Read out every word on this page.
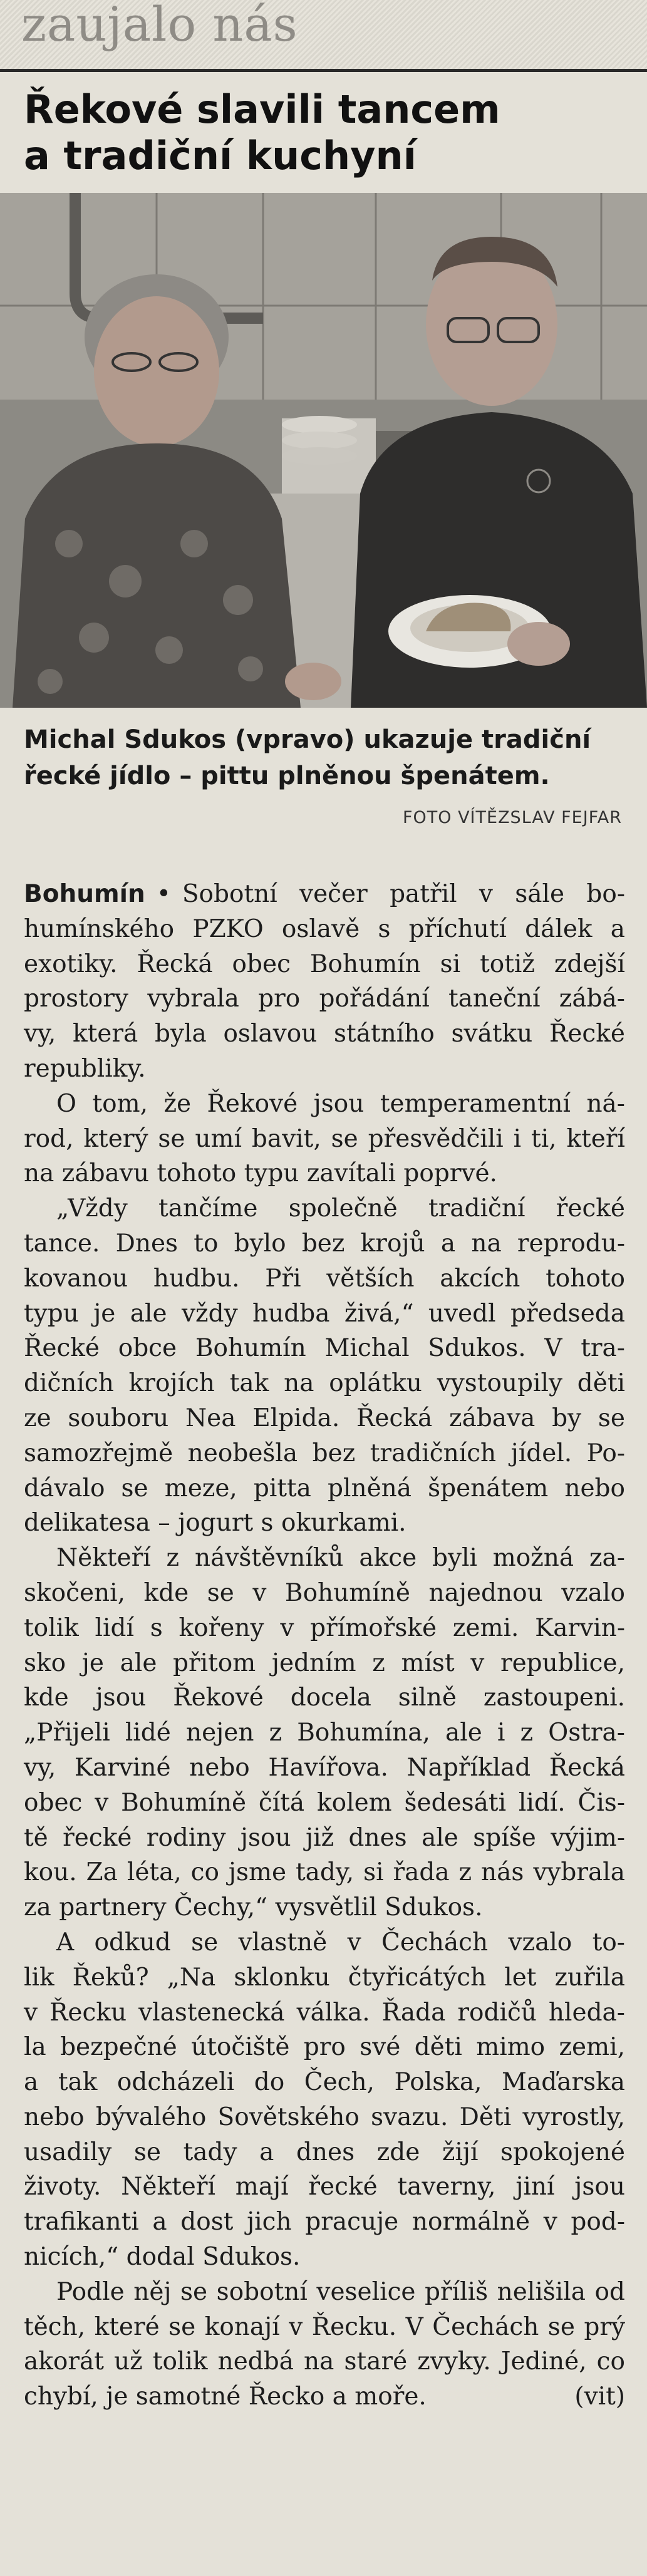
zaujalo nás
Řekové slavili tancem
a tradiční kuchyní
Michal Sdukos (vpravo) ukazuje tradiční
řecké jídlo – pittu plněnou špenátem.
FOTO VÍTĚZSLAV FEJFAR
Bohumín • Sobotní večer patřil v sále bo-
humínského PZKO oslavě s příchutí dálek a
exotiky. Řecká obec Bohumín si totiž zdejší
prostory vybrala pro pořádání taneční zábá-
vy, která byla oslavou státního svátku Řecké
republiky.
O tom, že Řekové jsou temperamentní ná-
rod, který se umí bavit, se přesvědčili i ti, kteří
na zábavu tohoto typu zavítali poprvé.
„Vždy tančíme společně tradiční řecké
tance. Dnes to bylo bez krojů a na reprodu-
kovanou hudbu. Při větších akcích tohoto
typu je ale vždy hudba živá,“ uvedl předseda
Řecké obce Bohumín Michal Sdukos. V tra-
dičních krojích tak na oplátku vystoupily děti
ze souboru Nea Elpida. Řecká zábava by se
samozřejmě neobešla bez tradičních jídel. Po-
dávalo se meze, pitta plněná špenátem nebo
delikatesa – jogurt s okurkami.
Někteří z návštěvníků akce byli možná za-
skočeni, kde se v Bohumíně najednou vzalo
tolik lidí s kořeny v přímořské zemi. Karvin-
sko je ale přitom jedním z míst v republice,
kde jsou Řekové docela silně zastoupeni.
„Přijeli lidé nejen z Bohumína, ale i z Ostra-
vy, Karviné nebo Havířova. Například Řecká
obec v Bohumíně čítá kolem šedesáti lidí. Čis-
tě řecké rodiny jsou již dnes ale spíše výjim-
kou. Za léta, co jsme tady, si řada z nás vybrala
za partnery Čechy,“ vysvětlil Sdukos.
A odkud se vlastně v Čechách vzalo to-
lik Řeků? „Na sklonku čtyřicátých let zuřila
v Řecku vlastenecká válka. Řada rodičů hleda-
la bezpečné útočiště pro své děti mimo zemi,
a tak odcházeli do Čech, Polska, Maďarska
nebo bývalého Sovětského svazu. Děti vyrostly,
usadily se tady a dnes zde žijí spokojené
životy. Někteří mají řecké taverny, jiní jsou
trafikanti a dost jich pracuje normálně v pod-
nicích,“ dodal Sdukos.
Podle něj se sobotní veselice příliš nelišila od
těch, které se konají v Řecku. V Čechách se prý
akorát už tolik nedbá na staré zvyky. Jediné, co
chybí, je samotné Řecko a moře.	(vit)
